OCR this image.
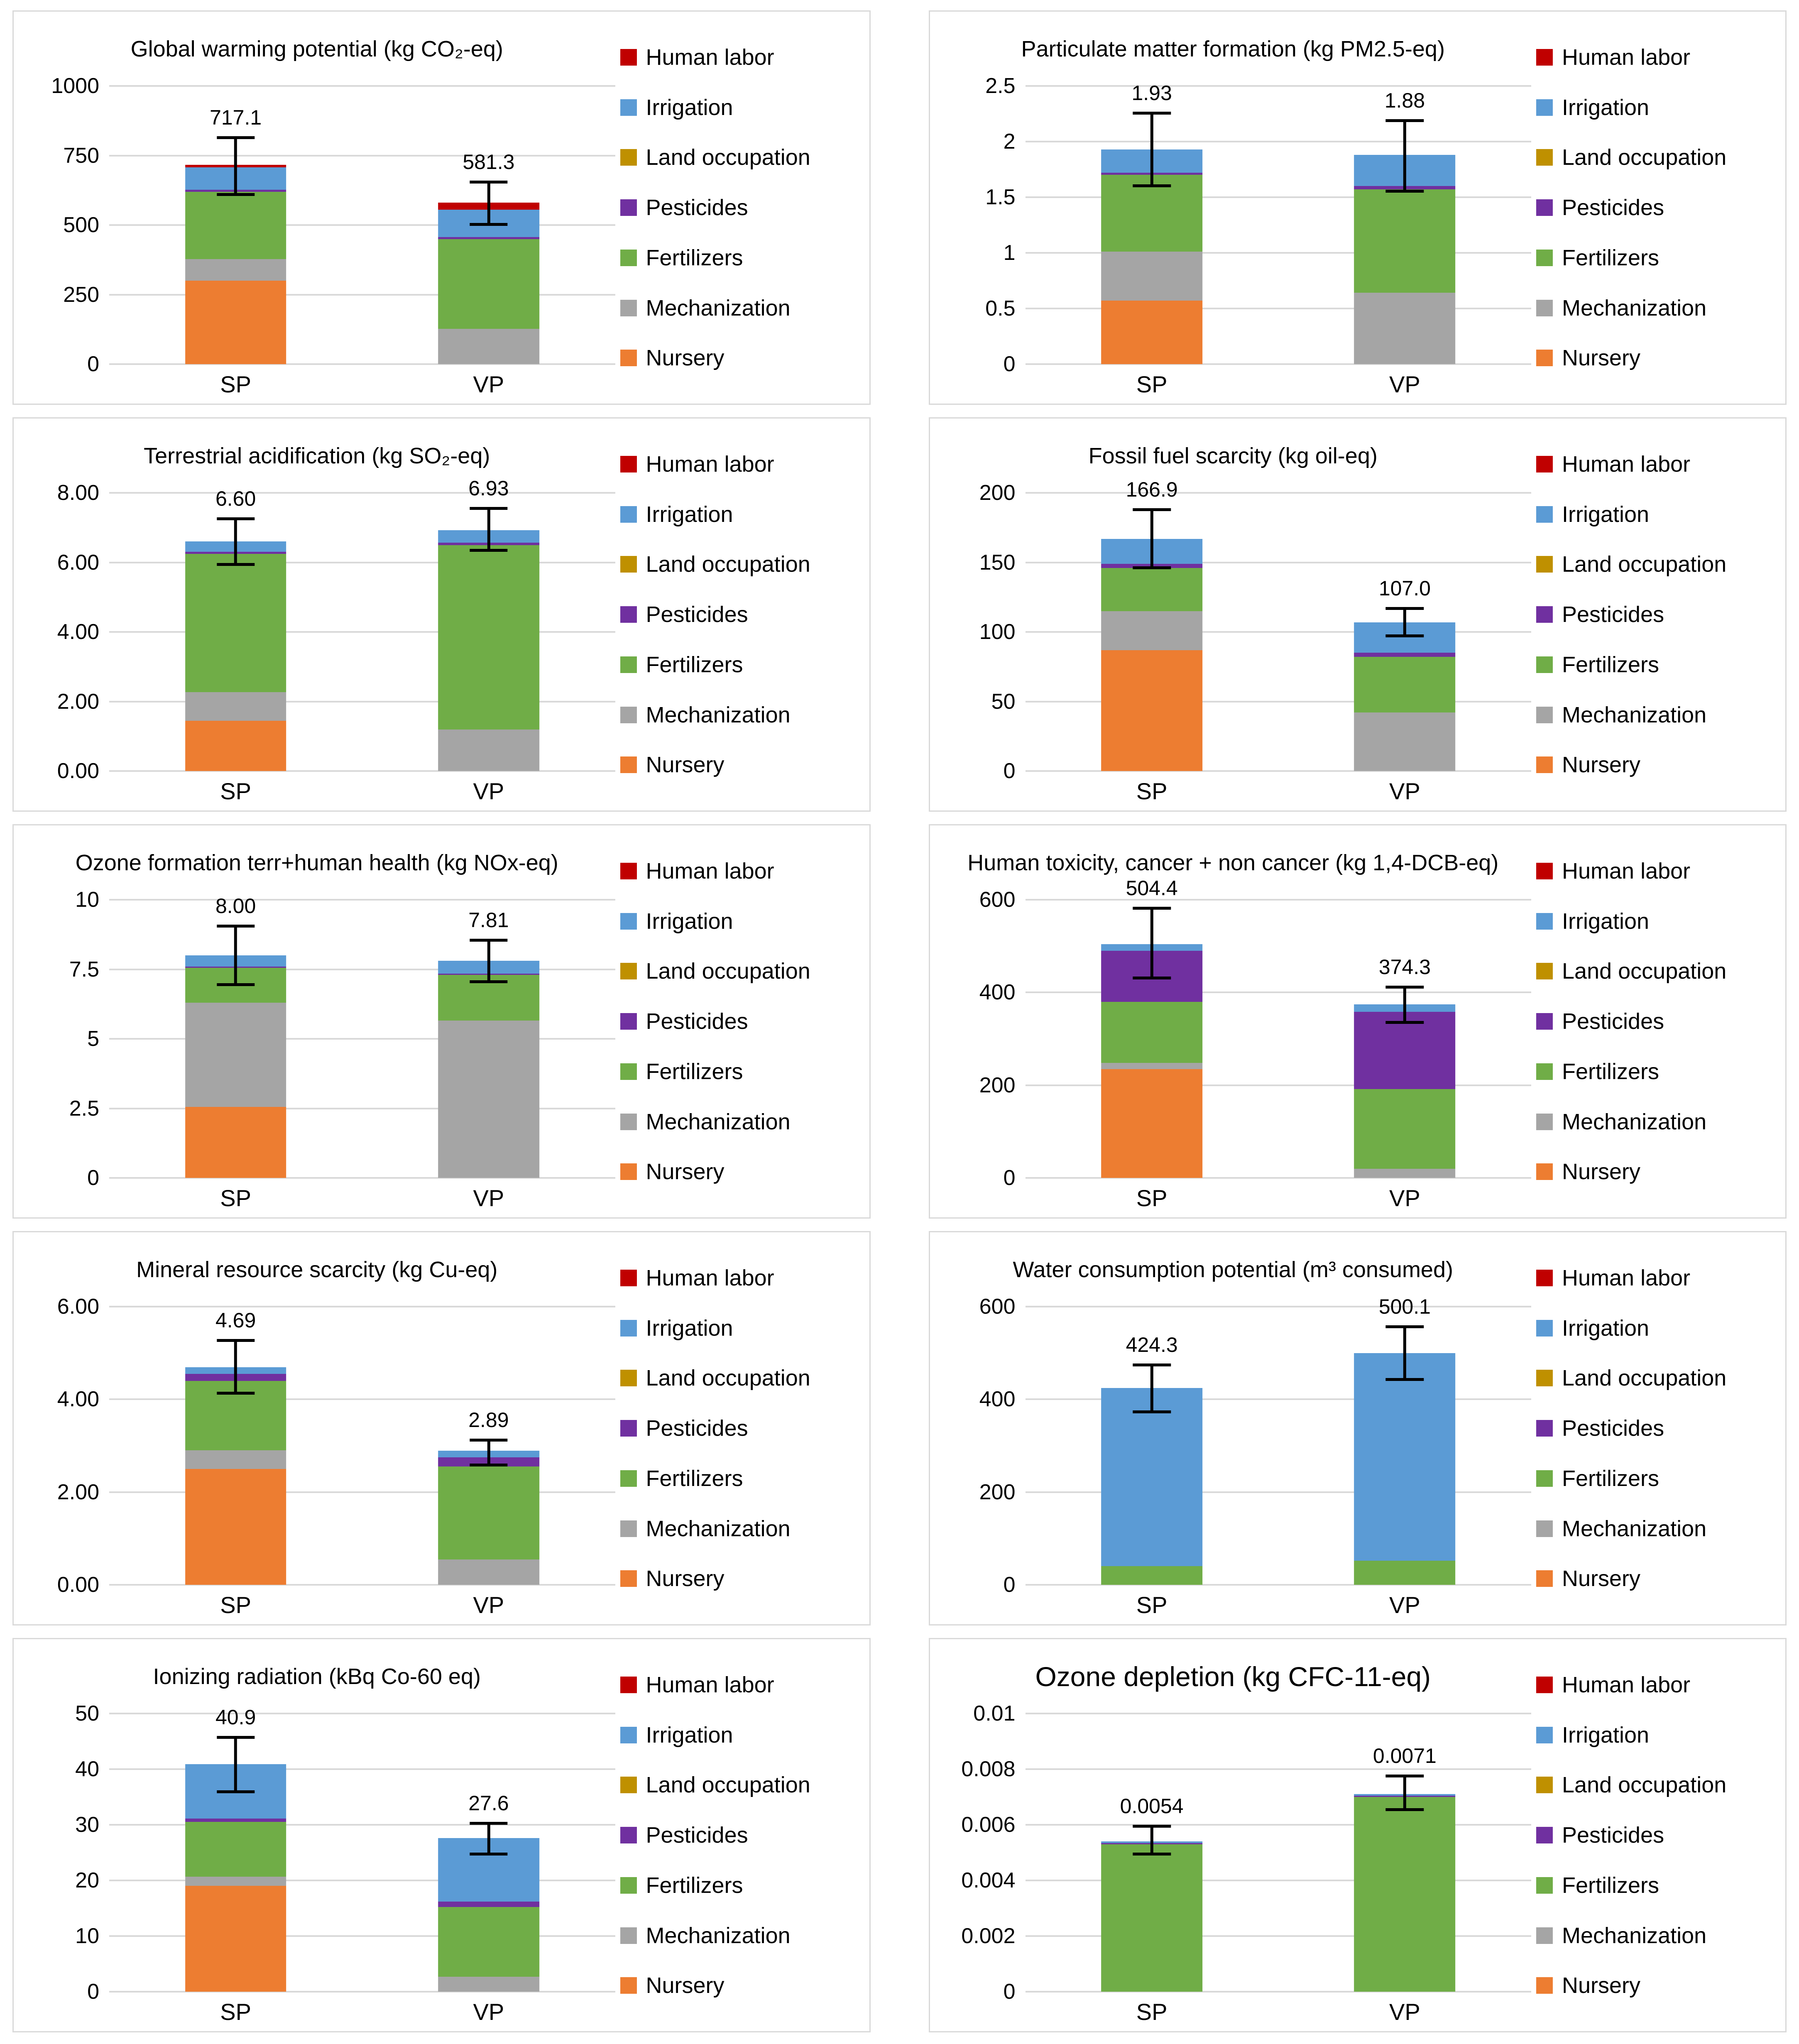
Global warming potential (kg CO₂-eq)
1000
750
500
250
0
717.1
581.3
SP	VP
Human labor
Irrigation
Land occupation
Pesticides
Fertilizers
Mechanization
Nursery
Particulate matter formation (kg PM2.5-eq)
2.5
2
1.5
1
0.5
0
1.93	1.88
SP	VP
Human labor
Irrigation
Land occupation
Pesticides
Fertilizers
Mechanization
Nursery
Terrestrial acidification (kg SO₂-eq)
8.00
6.00
4.00
2.00
0.00
6.60	6.93
SP	VP
Human labor
Irrigation
Land occupation
Pesticides
Fertilizers
Mechanization
Nursery
Fossil fuel scarcity (kg oil-eq)
200
150
100
50
0
166.9
107.0
SP	VP
Human labor
Irrigation
Land occupation
Pesticides
Fertilizers
Mechanization
Nursery
Ozone formation terr+human health (kg NOx-eq)
10
7.5
5
2.5
0
8.00
7.81
SP	VP
Human labor
Irrigation
Land occupation
Pesticides
Fertilizers
Mechanization
Nursery
Human toxicity, cancer + non cancer (kg 1,4-DCB-eq)
600
400
200
0
504.4
374.3
SP	VP
Human labor
Irrigation
Land occupation
Pesticides
Fertilizers
Mechanization
Nursery
Mineral resource scarcity (kg Cu-eq)
6.00
4.00
2.00
0.00
4.69
2.89
SP	VP
Human labor
Irrigation
Land occupation
Pesticides
Fertilizers
Mechanization
Nursery
Water consumption potential (m³ consumed)
600
400
200
0
424.3
500.1
SP	VP
Human labor
Irrigation
Land occupation
Pesticides
Fertilizers
Mechanization
Nursery
Ionizing radiation (kBq Co-60 eq)
50
40
30
20
10
0
40.9
27.6
SP	VP
Human labor
Irrigation
Land occupation
Pesticides
Fertilizers
Mechanization
Nursery
Ozone depletion (kg CFC-11-eq)
0.01
0.008
0.006
0.004
0.002
0
0.0054
0.0071
SP	VP
Human labor
Irrigation
Land occupation
Pesticides
Fertilizers
Mechanization
Nursery
